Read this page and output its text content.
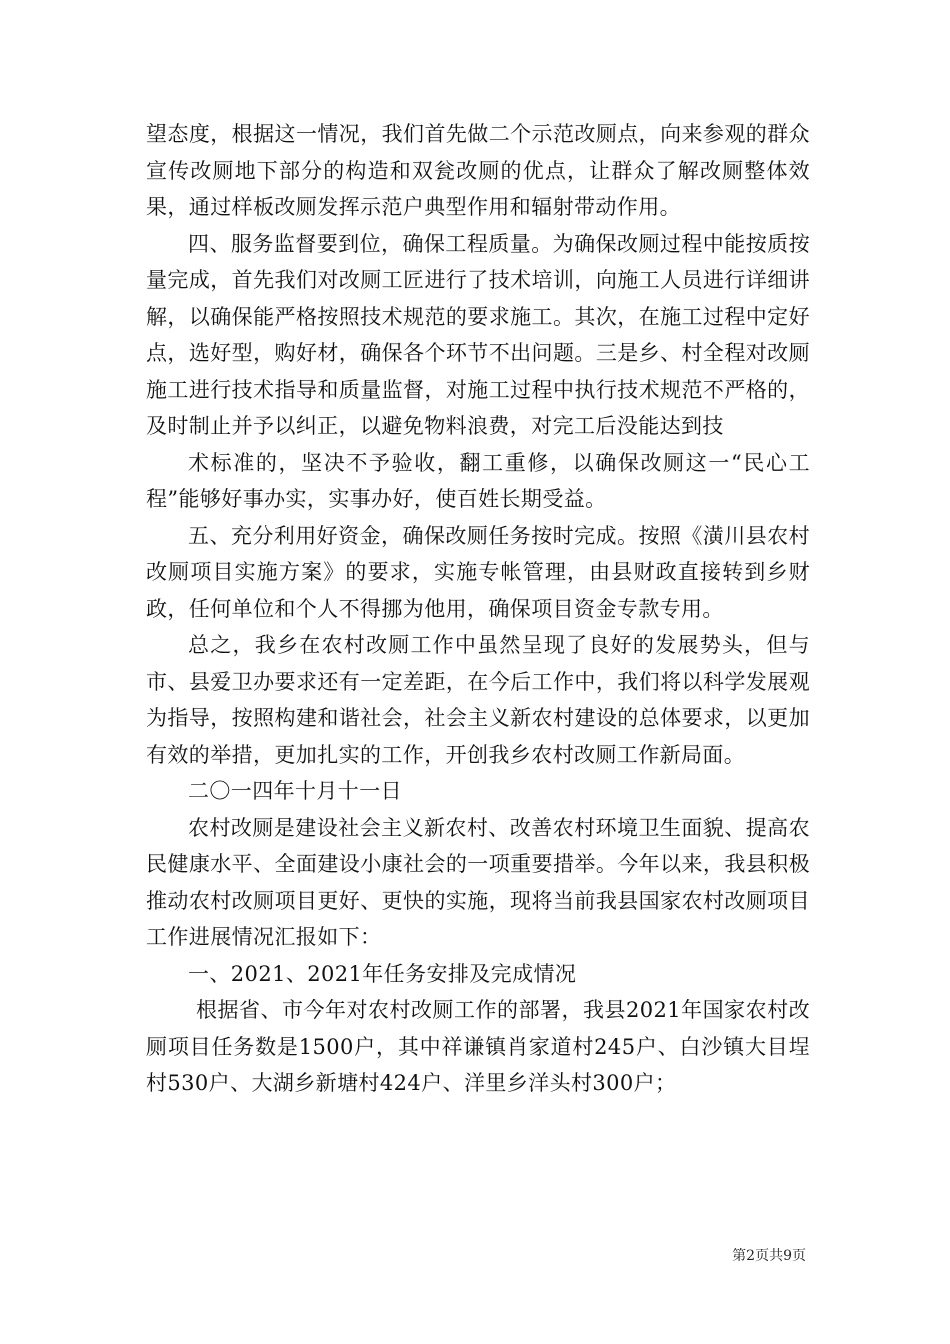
望态度，根据这一情况，我们首先做二个示范改厕点，向来参观的群众宣传改厕地下部分的构造和双瓮改厕的优点，让群众了解改厕整体效果，通过样板改厕发挥示范户典型作用和辐射带动作用。

四、服务监督要到位，确保工程质量。为确保改厕过程中能按质按量完成，首先我们对改厕工匠进行了技术培训，向施工人员进行详细讲解，以确保能严格按照技术规范的要求施工。其次，在施工过程中定好点，选好型，购好材，确保各个环节不出问题。三是乡、村全程对改厕施工进行技术指导和质量监督，对施工过程中执行技术规范不严格的，及时制止并予以纠正，以避免物料浪费，对完工后没能达到技

术标准的，坚决不予验收，翻工重修，以确保改厕这一“民心工程”能够好事办实，实事办好，使百姓长期受益。

五、充分利用好资金，确保改厕任务按时完成。按照《潢川县农村改厕项目实施方案》的要求，实施专帐管理，由县财政直接转到乡财政，任何单位和个人不得挪为他用，确保项目资金专款专用。

总之，我乡在农村改厕工作中虽然呈现了良好的发展势头，但与市、县爱卫办要求还有一定差距，在今后工作中，我们将以科学发展观为指导，按照构建和谐社会，社会主义新农村建设的总体要求，以更加有效的举措，更加扎实的工作，开创我乡农村改厕工作新局面。

二〇一四年十月十一日

农村改厕是建设社会主义新农村、改善农村环境卫生面貌、提高农民健康水平、全面建设小康社会的一项重要措举。今年以来，我县积极推动农村改厕项目更好、更快的实施，现将当前我县国家农村改厕项目工作进展情况汇报如下：

一、2021、2021年任务安排及完成情况

根据省、市今年对农村改厕工作的部署，我县2021年国家农村改厕项目任务数是1500户，其中祥谦镇肖家道村245户、白沙镇大目埕村530户、大湖乡新塘村424户、洋里乡洋头村300户；

第2页共9页
